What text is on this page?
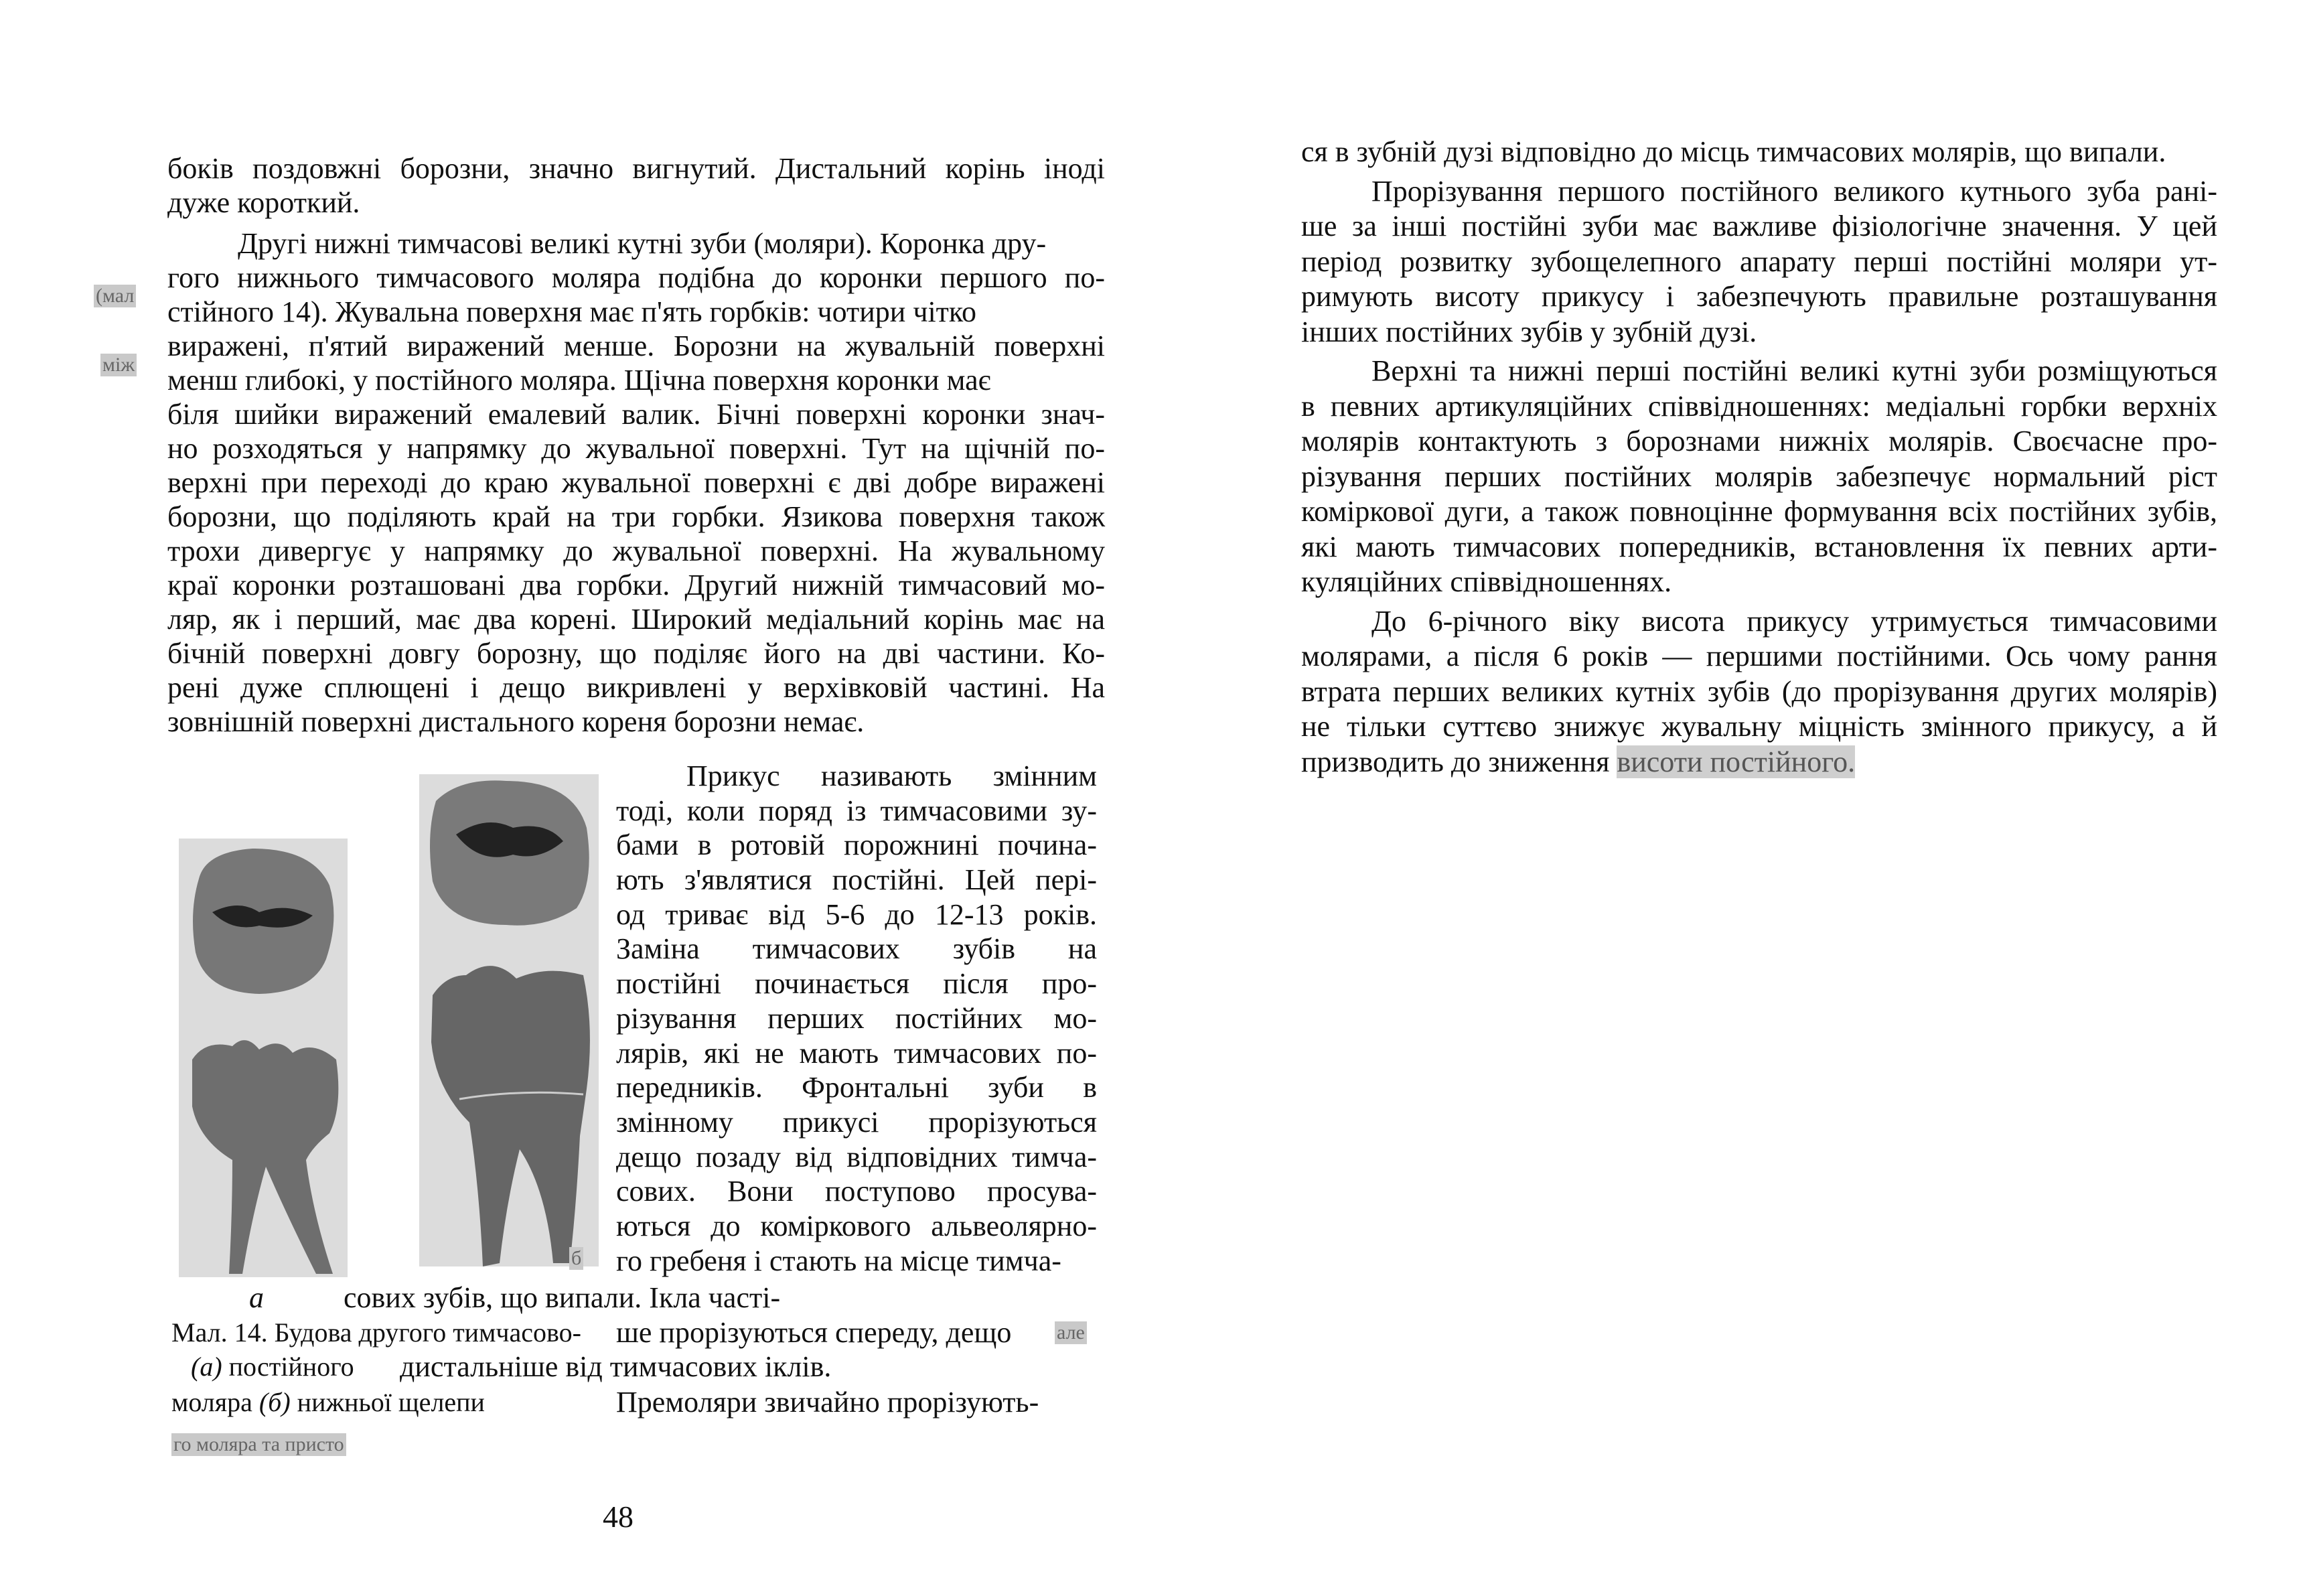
боків поздовжні борозни, значно вигнутий. Дистальний корінь іноді
дуже короткий.
Другі нижні тимчасові великі кутні зуби (моляри). Коронка дру-
гого нижнього тимчасового моляра подібна до коронки першого по-
стійного 14). Жувальна поверхня має п'ять горбків: чотири чітко
виражені, п'ятий виражений менше. Борозни на жувальній поверхні
менш глибокі, у постійного моляра. Щічна поверхня коронки має
біля шийки виражений емалевий валик. Бічні поверхні коронки знач-
но розходяться у напрямку до жувальної поверхні. Тут на щічній по-
верхні при переході до краю жувальної поверхні є дві добре виражені
борозни, що поділяють край на три горбки. Язикова поверхня також
трохи дивергує у напрямку до жувальної поверхні. На жувальному
краї коронки розташовані два горбки. Другий нижній тимчасовий мо-
ляр, як і перший, має два корені. Широкий медіальний корінь має на
бічній поверхні довгу борозну, що поділяє його на дві частини. Ко-
рені дуже сплющені і дещо викривлені у верхівковій частині. На
зовнішній поверхні дистального кореня борозни немає.
Прикус називають змінним
тоді, коли поряд із тимчасовими зу-
бами в ротовій порожнині почина-
ють з'являтися постійні. Цей пері-
од триває від 5-6 до 12-13 років.
Заміна тимчасових зубів на
постійні починається після про-
різування перших постійних мо-
лярів, які не мають тимчасових по-
передників. Фронтальні зуби в
змінному прикусі прорізуються
дещо позаду від відповідних тимча-
сових. Вони поступово просува-
ються до коміркового альвеолярно-
го гребеня і стають на місце тимча-
ся в зубній дузі відповідно до місць тимчасових молярів, що випали.
Прорізування першого постійного великого кутнього зуба рані-
ше за інші постійні зуби має важливе фізіологічне значення. У цей
період розвитку зубощелепного апарату перші постійні моляри ут-
римують висоту прикусу і забезпечують правильне розташування
інших постійних зубів у зубній дузі.
Верхні та нижні перші постійні великі кутні зуби розміщуються
в певних артикуляційних співвідношеннях: медіальні горбки верхніх
молярів контактують з борознами нижніх молярів. Своєчасне про-
різування перших постійних молярів забезпечує нормальний ріст
коміркової дуги, а також повноцінне формування всіх постійних зубів,
які мають тимчасових попередників, встановлення їх певних арти-
куляційних співвідношеннях.
До 6-річного віку висота прикусу утримується тимчасовими
молярами, а після 6 років — першими постійними. Ось чому рання
втрата перших великих кутніх зубів (до прорізування других молярів)
не тільки суттєво знижує жувальну міцність змінного прикусу, а й
призводить до зниження висоти постійного.
(мал
між
б
а	сових зубів, що випали. Ікла часті-
Мал. 14. Будова другого тимчасово- ше прорізуються спереду, дещо але
(а) постійного дистальніше від тимчасових іклів.
моляра (б) нижньої щелепи	Премоляри звичайно прорізують-
го моляра та присто
48
